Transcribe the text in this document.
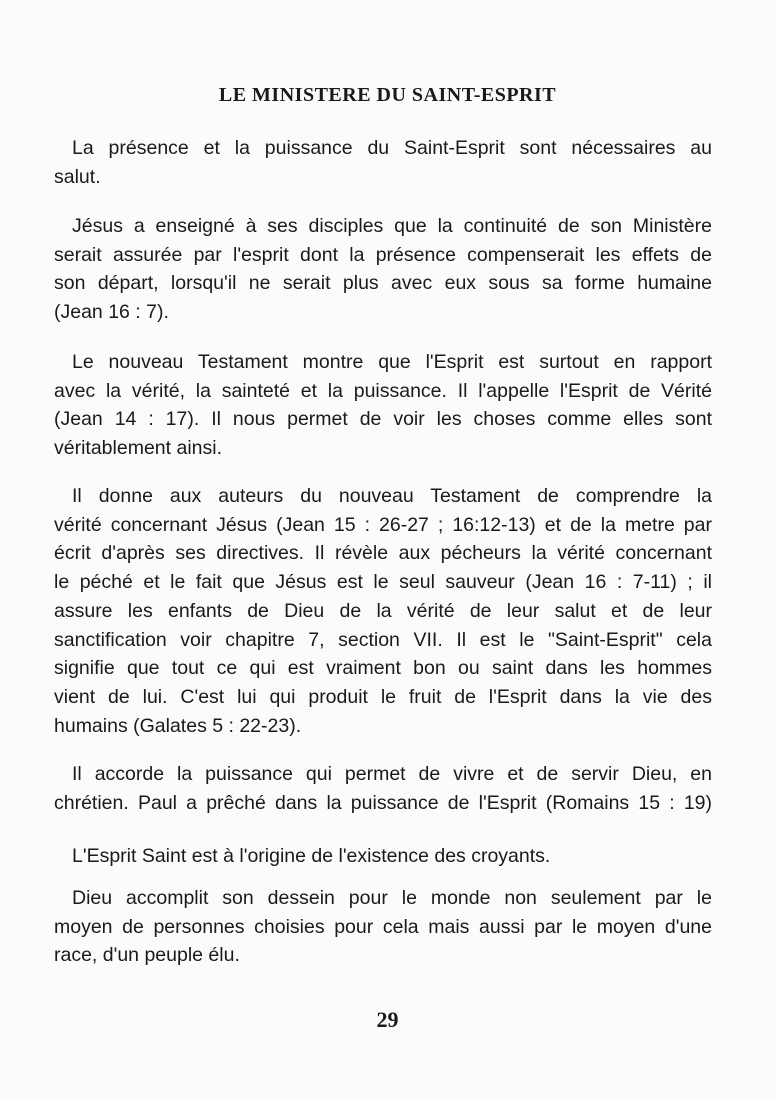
LE MINISTERE DU SAINT-ESPRIT
La présence et la puissance du Saint-Esprit sont nécessaires au
salut.
Jésus a enseigné à ses disciples que la continuité de son Ministère
serait assurée par l'esprit dont la présence compenserait les effets de
son départ, lorsqu'il ne serait plus avec eux sous sa forme humaine
(Jean 16 : 7).
Le nouveau Testament montre que l'Esprit est surtout en rapport
avec la vérité, la sainteté et la puissance. Il l'appelle l'Esprit de Vérité
(Jean 14 : 17). Il nous permet de voir les choses comme elles sont
véritablement ainsi.
Il donne aux auteurs du nouveau Testament de comprendre la
vérité concernant Jésus (Jean 15 : 26-27 ; 16:12-13) et de la metre par
écrit d'après ses directives. Il révèle aux pécheurs la vérité concernant
le péché et le fait que Jésus est le seul sauveur (Jean 16 : 7-11) ; il
assure les enfants de Dieu de la vérité de leur salut et de leur
sanctification voir chapitre 7, section VII. Il est le "Saint-Esprit" cela
signifie que tout ce qui est vraiment bon ou saint dans les hommes
vient de lui. C'est lui qui produit le fruit de l'Esprit dans la vie des
humains (Galates 5 : 22-23).
Il accorde la puissance qui permet de vivre et de servir Dieu, en
chrétien. Paul a prêché dans la puissance de l'Esprit (Romains 15 : 19)
L'Esprit Saint est à l'origine de l'existence des croyants.
Dieu accomplit son dessein pour le monde non seulement par le
moyen de personnes choisies pour cela mais aussi par le moyen d'une
race, d'un peuple élu.
29
